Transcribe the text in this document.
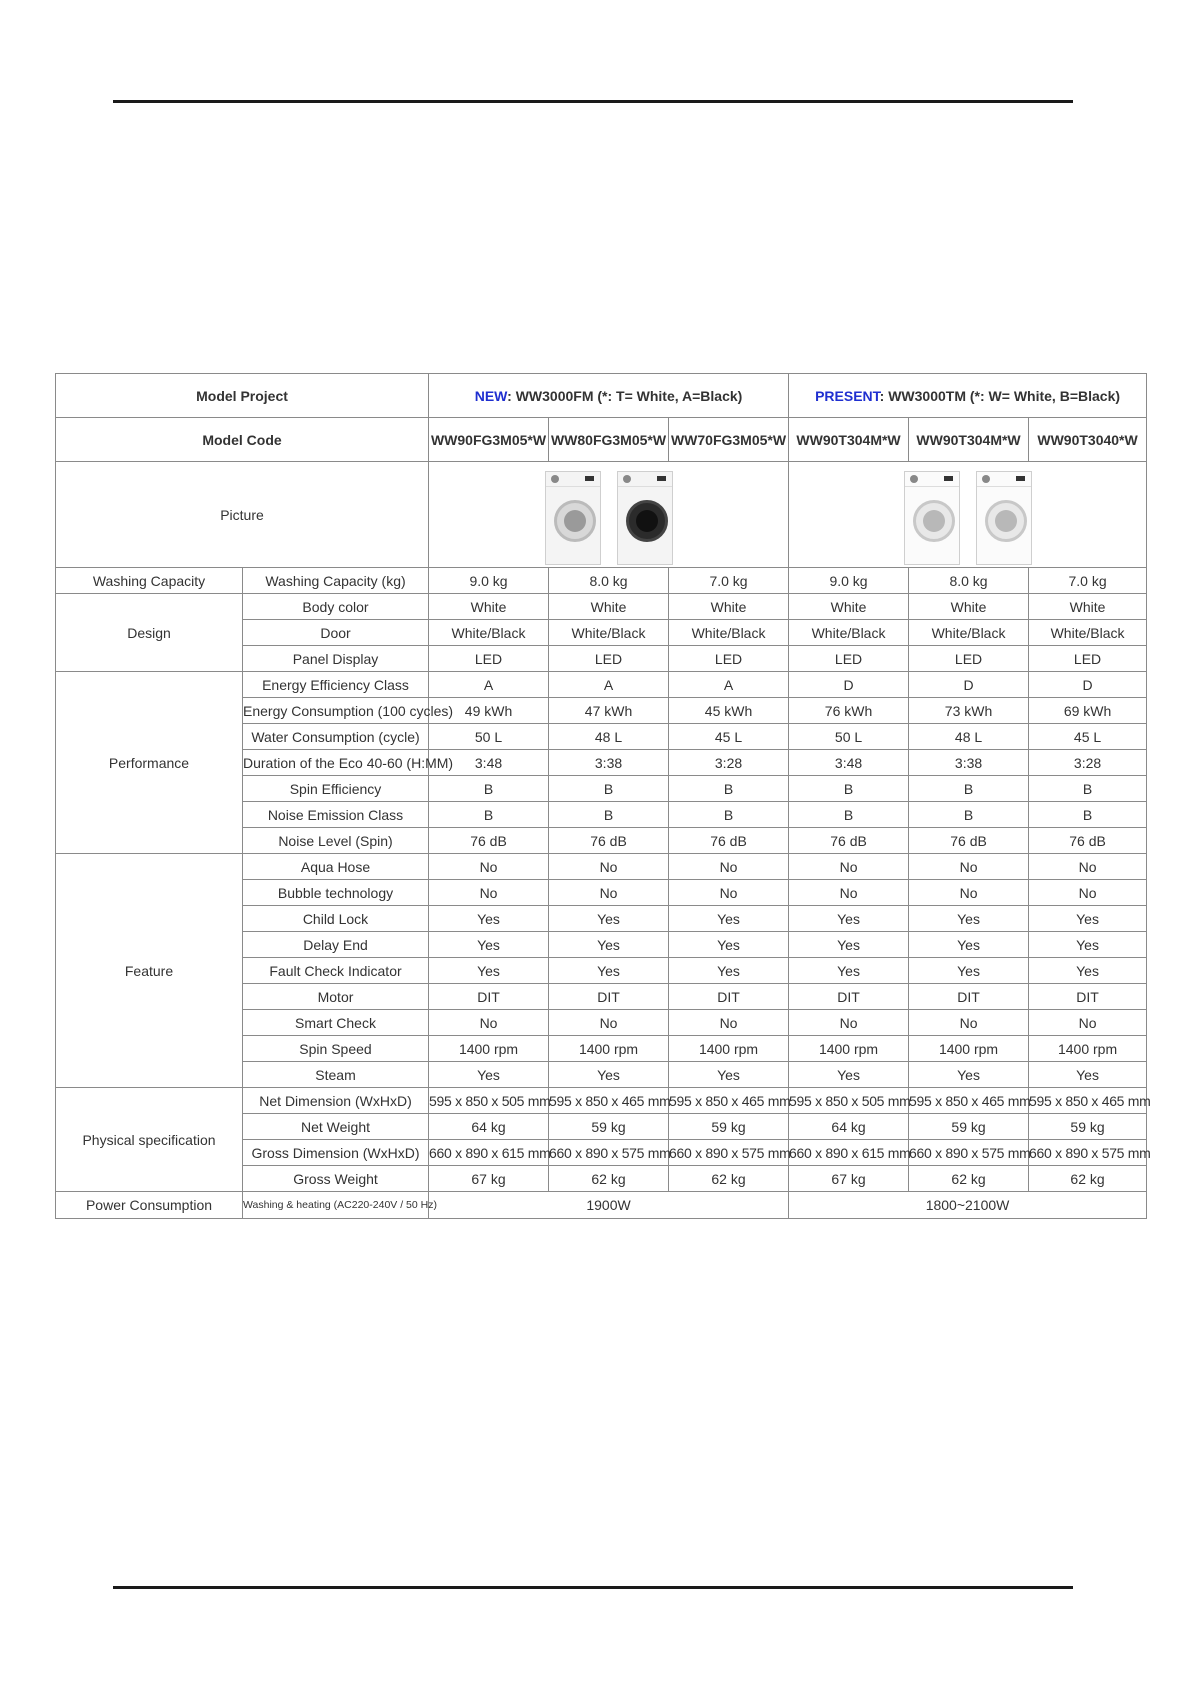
Model Project		NEW: WW3000FM (*: T= White, A=Black)			PRESENT: WW3000TM (*: W= White, B=Black)		
Model Code		WW90FG3M05*W	WW80FG3M05*W	WW70FG3M05*W	WW90T304M*W	WW90T304M*W	WW90T3040*W
Picture						

Washing Capacity	Washing Capacity (kg)	9.0 kg	8.0 kg	7.0 kg	9.0 kg	8.0 kg	7.0 kg
Design	Body color	White	White	White	White	White	White
	Door	White/Black	White/Black	White/Black	White/Black	White/Black	White/Black
	Panel Display	LED	LED	LED	LED	LED	LED
Performance	Energy Efficiency Class	A	A	A	D	D	D
	Energy Consumption (100 cycles)	49 kWh	47 kWh	45 kWh	76 kWh	73 kWh	69 kWh
	Water Consumption (cycle)	50 L	48 L	45 L	50 L	48 L	45 L
	Duration of the Eco 40-60 (H:MM)	3:48	3:38	3:28	3:48	3:38	3:28
	Spin Efficiency	B	B	B	B	B	B
	Noise Emission Class	B	B	B	B	B	B
	Noise Level (Spin)	76 dB	76 dB	76 dB	76 dB	76 dB	76 dB
Feature	Aqua Hose	No	No	No	No	No	No
	Bubble technology	No	No	No	No	No	No
	Child Lock	Yes	Yes	Yes	Yes	Yes	Yes
	Delay End	Yes	Yes	Yes	Yes	Yes	Yes
	Fault Check Indicator	Yes	Yes	Yes	Yes	Yes	Yes
	Motor	DIT	DIT	DIT	DIT	DIT	DIT
	Smart Check	No	No	No	No	No	No
	Spin Speed	1400 rpm	1400 rpm	1400 rpm	1400 rpm	1400 rpm	1400 rpm
	Steam	Yes	Yes	Yes	Yes	Yes	Yes
Physical specification	Net Dimension (WxHxD)	595 x 850 x 505 mm	595 x 850 x 465 mm	595 x 850 x 465 mm	595 x 850 x 505 mm	595 x 850 x 465 mm	595 x 850 x 465 mm
	Net Weight	64 kg	59 kg	59 kg	64 kg	59 kg	59 kg
	Gross Dimension (WxHxD)	660 x 890 x 615 mm	660 x 890 x 575 mm	660 x 890 x 575 mm	660 x 890 x 615 mm	660 x 890 x 575 mm	660 x 890 x 575 mm
	Gross Weight	67 kg	62 kg	62 kg	67 kg	62 kg	62 kg
Power Consumption	Washing & heating (AC220-240V / 50 Hz)	1900W			1800~2100W		
